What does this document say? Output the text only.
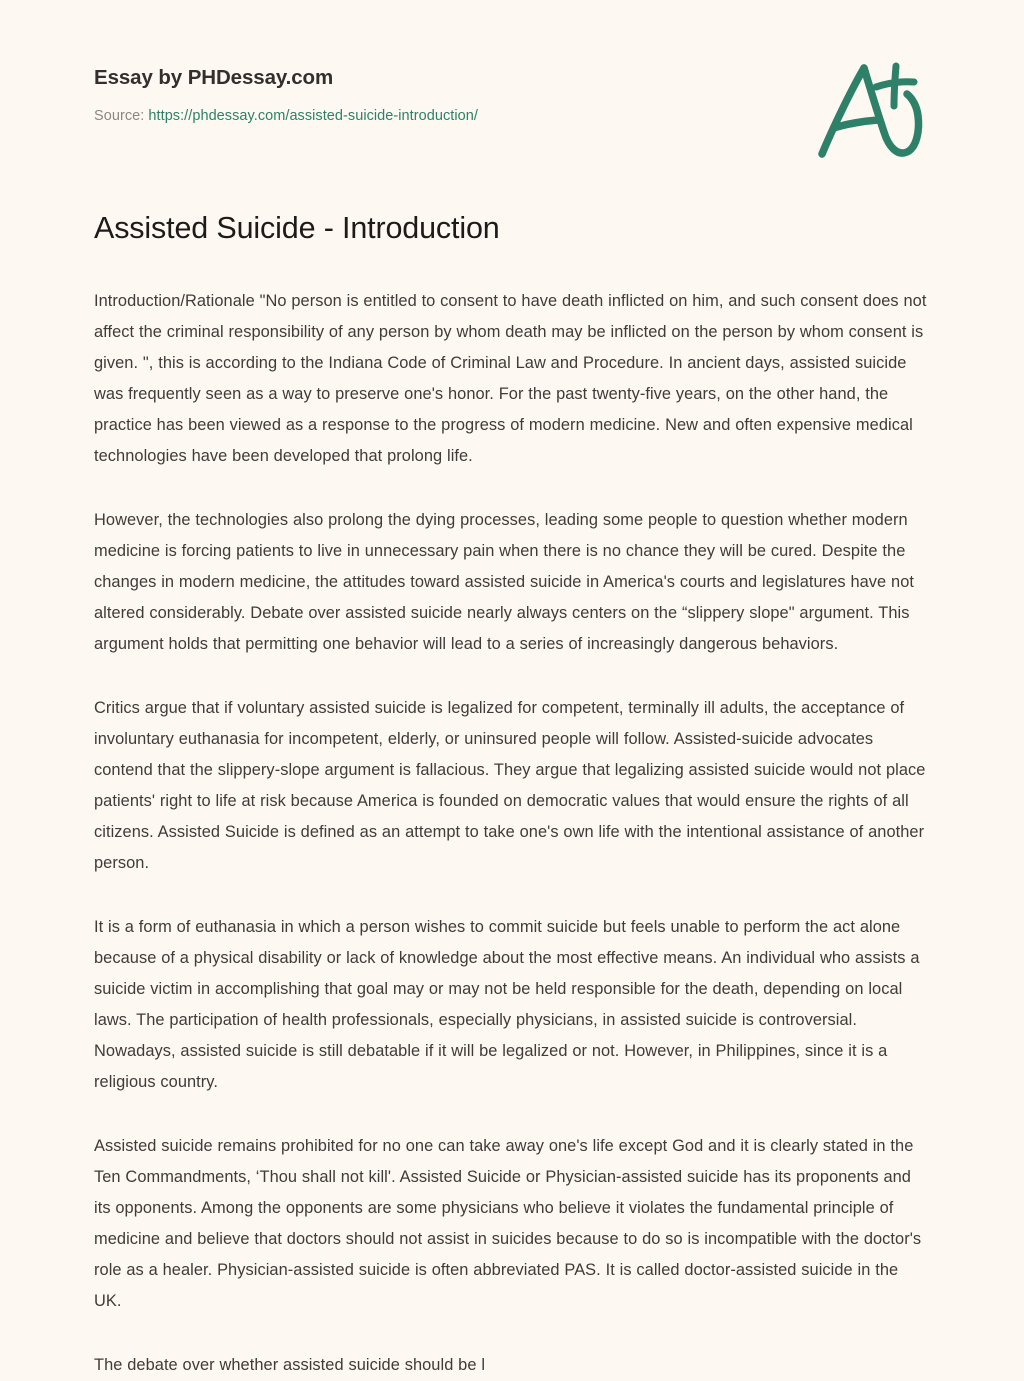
Essay by PHDessay.com
Source: https://phdessay.com/assisted-suicide-introduction/
Assisted Suicide - Introduction

Introduction/Rationale "No person is entitled to consent to have death inflicted on him, and such consent does not affect the criminal responsibility of any person by whom death may be inflicted on the person by whom consent is given. ", this is according to the Indiana Code of Criminal Law and Procedure. In ancient days, assisted suicide was frequently seen as a way to preserve one's honor. For the past twenty-five years, on the other hand, the practice has been viewed as a response to the progress of modern medicine. New and often expensive medical technologies have been developed that prolong life.

However, the technologies also prolong the dying processes, leading some people to question whether modern medicine is forcing patients to live in unnecessary pain when there is no chance they will be cured. Despite the changes in modern medicine, the attitudes toward assisted suicide in America's courts and legislatures have not altered considerably. Debate over assisted suicide nearly always centers on the “slippery slope" argument. This argument holds that permitting one behavior will lead to a series of increasingly dangerous behaviors.

Critics argue that if voluntary assisted suicide is legalized for competent, terminally ill adults, the acceptance of involuntary euthanasia for incompetent, elderly, or uninsured people will follow. Assisted-suicide advocates contend that the slippery-slope argument is fallacious. They argue that legalizing assisted suicide would not place patients' right to life at risk because America is founded on democratic values that would ensure the rights of all citizens. Assisted Suicide is defined as an attempt to take one's own life with the intentional assistance of another person.

It is a form of euthanasia in which a person wishes to commit suicide but feels unable to perform the act alone because of a physical disability or lack of knowledge about the most effective means. An individual who assists a suicide victim in accomplishing that goal may or may not be held responsible for the death, depending on local laws. The participation of health professionals, especially physicians, in assisted suicide is controversial. Nowadays, assisted suicide is still debatable if it will be legalized or not. However, in Philippines, since it is a religious country.

Assisted suicide remains prohibited for no one can take away one's life except God and it is clearly stated in the Ten Commandments, ‘Thou shall not kill'. Assisted Suicide or Physician-assisted suicide has its proponents and its opponents. Among the opponents are some physicians who believe it violates the fundamental principle of medicine and believe that doctors should not assist in suicides because to do so is incompatible with the doctor's role as a healer. Physician-assisted suicide is often abbreviated PAS. It is called doctor-assisted suicide in the UK.

The debate over whether assisted suicide should be l
